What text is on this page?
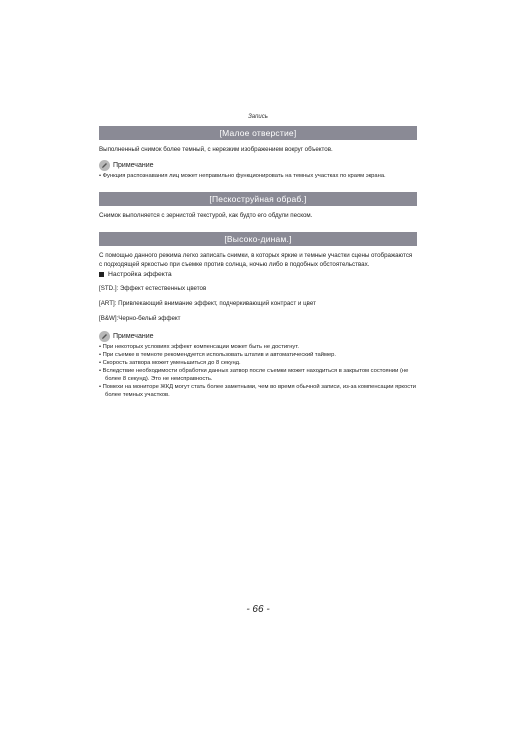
Запись
[Малое отверстие]
Выполненный снимок более темный, с нерезким изображением вокруг объектов.
Примечание
• Функция распознавания лиц может неправильно функционировать на темных участках по краям экрана.
[Пескоструйная обраб.]
Снимок выполняется с зернистой текстурой, как будто его обдули песком.
[Высоко-динам.]
С помощью данного режима легко записать снимки, в которых яркие и темные участки сцены отображаются с подходящей яркостью при съемке против солнца, ночью либо в подобных обстоятельствах.
Настройка эффекта
[STD.]: Эффект естественных цветов
[ART]: Привлекающий внимание эффект, подчеркивающий контраст и цвет
[B&W]:Черно-белый эффект
Примечание
• При некоторых условиях эффект компенсации может быть не достигнут.
• При съемке в темноте рекомендуется использовать штатив и автоматический таймер.
• Скорость затвора может уменьшиться до 8 секунд.
• Вследствие необходимости обработки данных затвор после съемки может находиться в закрытом состоянии (не более 8 секунд). Это не неисправность.
• Помехи на мониторе ЖКД могут стать более заметными, чем во время обычной записи, из-за компенсации яркости более темных участков.
- 66 -
